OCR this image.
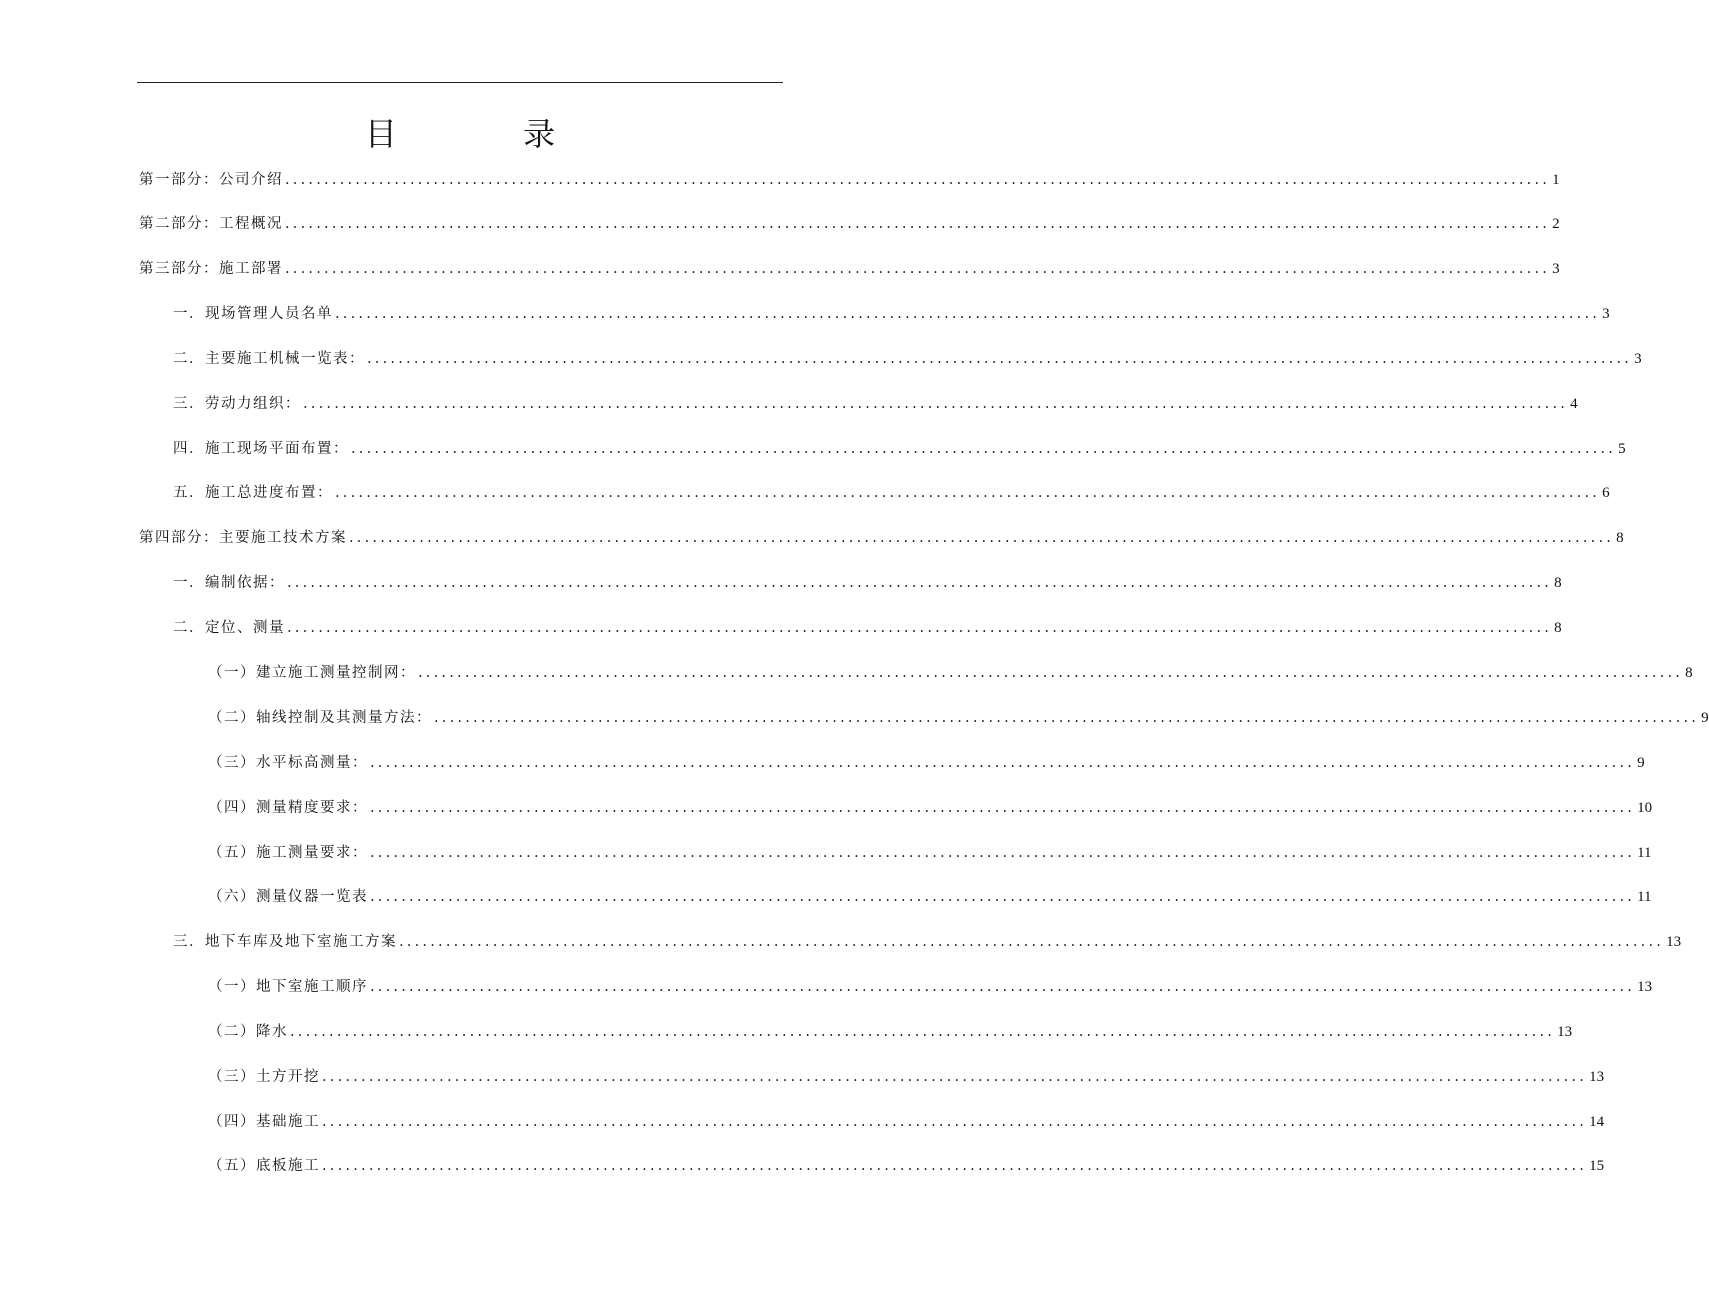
目 录
第一部分：公司介绍 .................................................................................................................................................................. 1
第二部分：工程概况 .................................................................................................................................................................. 2
第三部分：施工部署 .................................................................................................................................................................. 3
一．现场管理人员名单 .................................................................................................................................................................. 3
二．主要施工机械一览表： .................................................................................................................................................................. 3
三．劳动力组织： .................................................................................................................................................................. 4
四．施工现场平面布置： .................................................................................................................................................................. 5
五．施工总进度布置： .................................................................................................................................................................. 6
第四部分：主要施工技术方案 .................................................................................................................................................................. 8
一．编制依据： .................................................................................................................................................................. 8
二．定位、测量 .................................................................................................................................................................. 8
（一）建立施工测量控制网： .................................................................................................................................................................. 8
（二）轴线控制及其测量方法： .................................................................................................................................................................. 9
（三）水平标高测量： .................................................................................................................................................................. 9
（四）测量精度要求： .................................................................................................................................................................. 10
（五）施工测量要求： .................................................................................................................................................................. 11
（六）测量仪器一览表 .................................................................................................................................................................. 11
三．地下车库及地下室施工方案 .................................................................................................................................................................. 13
（一）地下室施工顺序 .................................................................................................................................................................. 13
（二）降水 .................................................................................................................................................................. 13
（三）土方开挖 .................................................................................................................................................................. 13
（四）基础施工 .................................................................................................................................................................. 14
（五）底板施工 .................................................................................................................................................................. 15
